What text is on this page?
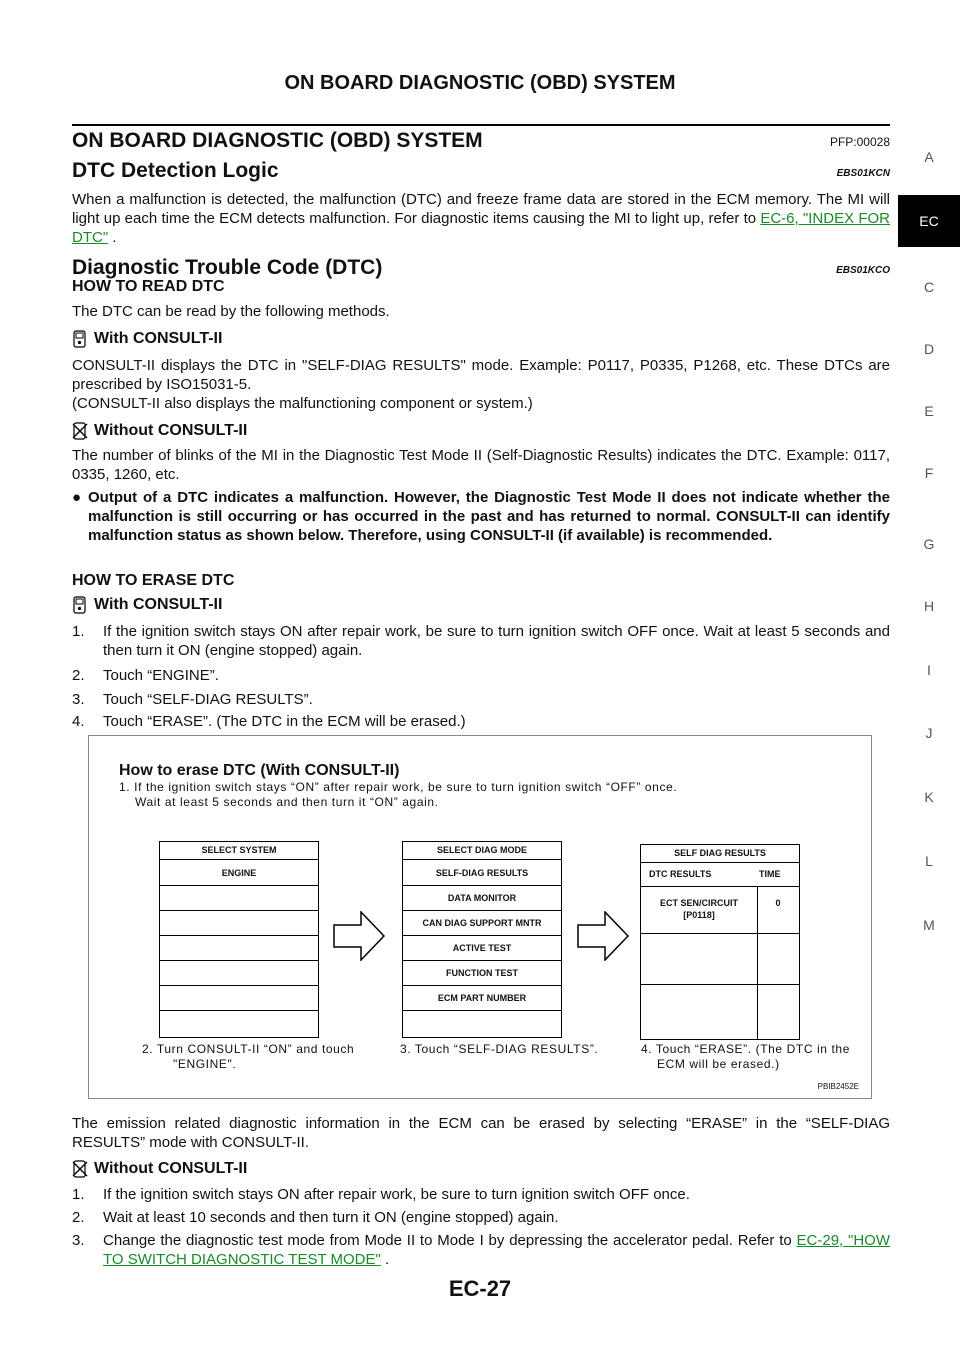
ON BOARD DIAGNOSTIC (OBD) SYSTEM
ON BOARD DIAGNOSTIC (OBD) SYSTEM	PFP:00028
DTC Detection Logic	EBS01KCN
When a malfunction is detected, the malfunction (DTC) and freeze frame data are stored in the ECM memory. The MI will light up each time the ECM detects malfunction. For diagnostic items causing the MI to light up, refer to EC-6, "INDEX FOR DTC" .
Diagnostic Trouble Code (DTC)	EBS01KCO
HOW TO READ DTC
The DTC can be read by the following methods.
With CONSULT-II
CONSULT-II displays the DTC in "SELF-DIAG RESULTS" mode. Example: P0117, P0335, P1268, etc. These DTCs are prescribed by ISO15031-5.
(CONSULT-II also displays the malfunctioning component or system.)
Without CONSULT-II
The number of blinks of the MI in the Diagnostic Test Mode II (Self-Diagnostic Results) indicates the DTC. Example: 0117, 0335, 1260, etc.
● Output of a DTC indicates a malfunction. However, the Diagnostic Test Mode II does not indicate whether the malfunction is still occurring or has occurred in the past and has returned to normal. CONSULT-II can identify malfunction status as shown below. Therefore, using CONSULT-II (if available) is recommended.
HOW TO ERASE DTC
With CONSULT-II
1. If the ignition switch stays ON after repair work, be sure to turn ignition switch OFF once. Wait at least 5 seconds and then turn it ON (engine stopped) again.
2. Touch “ENGINE”.
3. Touch “SELF-DIAG RESULTS”.
4. Touch “ERASE”. (The DTC in the ECM will be erased.)
How to erase DTC (With CONSULT-II)
1. If the ignition switch stays “ON” after repair work, be sure to turn ignition switch “OFF” once.
Wait at least 5 seconds and then turn it “ON” again.
SELECT SYSTEM
ENGINE
SELECT DIAG MODE
SELF-DIAG RESULTS
DATA MONITOR
CAN DIAG SUPPORT MNTR
ACTIVE TEST
FUNCTION TEST
ECM PART NUMBER
SELF DIAG RESULTS
DTC RESULTS	TIME
ECT SEN/CIRCUIT
[P0118]
0
2. Turn CONSULT-II “ON” and touch
"ENGINE".
3. Touch “SELF-DIAG RESULTS”.	4. Touch “ERASE”. (The DTC in the
ECM will be erased.)
PBIB2452E
The emission related diagnostic information in the ECM can be erased by selecting “ERASE” in the “SELF-DIAG RESULTS” mode with CONSULT-II.
Without CONSULT-II
1. If the ignition switch stays ON after repair work, be sure to turn ignition switch OFF once.
2. Wait at least 10 seconds and then turn it ON (engine stopped) again.
3. Change the diagnostic test mode from Mode II to Mode I by depressing the accelerator pedal. Refer to EC-29, "HOW TO SWITCH DIAGNOSTIC TEST MODE" .
A
EC
C
D
E
F
G
H
I
J
K
L
M
EC-27
